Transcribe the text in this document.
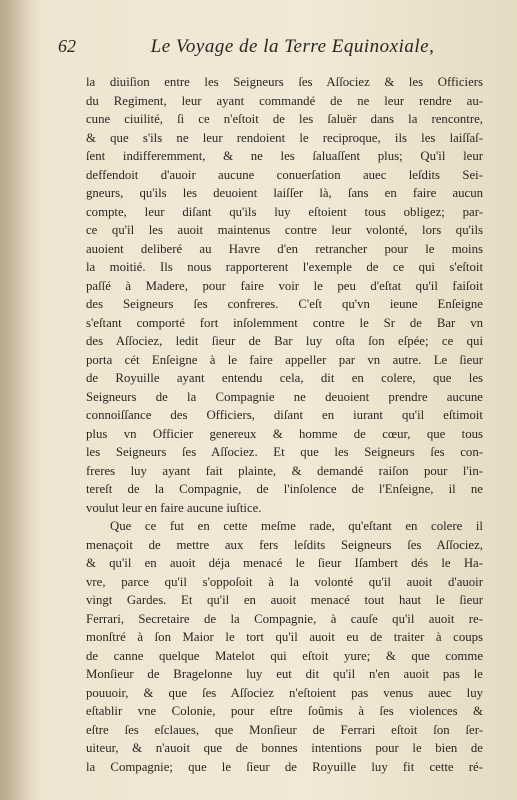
62	Le Voyage de la Terre Equinoxiale,
la diuiſion entre les Seigneurs ſes Aſſociez & les Officiers
du Regiment, leur ayant commandé de ne leur rendre au-
cune ciuilité, ſi ce n'eſtoit de les ſaluër dans la rencontre,
& que s'ils ne leur rendoient le reciproque, ils les laiſſaſ-
ſent indifferemment, & ne les ſaluaſſent plus; Qu'il leur
deffendoit d'auoir aucune conuerſation auec leſdits Sei-
gneurs, qu'ils les deuoient laiſſer là, ſans en faire aucun
compte, leur diſant qu'ils luy eſtoient tous obligez; par-
ce qu'il les auoit maintenus contre leur volonté, lors qu'ils
auoient deliberé au Havre d'en retrancher pour le moins
la moitié. Ils nous rapporterent l'exemple de ce qui s'eſtoit
paſſé à Madere, pour faire voir le peu d'eſtat qu'il faiſoit
des Seigneurs ſes confreres. C'eſt qu'vn ieune Enſeigne
s'eſtant comporté fort inſolemment contre le Sr de Bar vn
des Aſſociez, ledit ſieur de Bar luy oſta ſon eſpée; ce qui
porta cét Enſeigne à le faire appeller par vn autre. Le ſieur
de Royuille ayant entendu cela, dit en colere, que les
Seigneurs de la Compagnie ne deuoient prendre aucune
connoiſſance des Officiers, diſant en iurant qu'il eſtimoit
plus vn Officier genereux & homme de cœur, que tous
les Seigneurs ſes Aſſociez. Et que les Seigneurs ſes con-
freres luy ayant fait plainte, & demandé raiſon pour l'in-
tereſt de la Compagnie, de l'inſolence de l'Enſeigne, il ne
voulut leur en faire aucune iuſtice.
Que ce fut en cette meſme rade, qu'eſtant en colere il
menaçoit de mettre aux fers leſdits Seigneurs ſes Aſſociez,
& qu'il en auoit déja menacé le ſieur Iſambert dés le Ha-
vre, parce qu'il s'oppoſoit à la volonté qu'il auoit d'auoir
vingt Gardes. Et qu'il en auoit menacé tout haut le ſieur
Ferrari, Secretaire de la Compagnie, à cauſe qu'il auoit re-
monſtré à ſon Maior le tort qu'il auoit eu de traiter à coups
de canne quelque Matelot qui eſtoit yure; & que comme
Monſieur de Bragelonne luy eut dit qu'il n'en auoit pas le
pouuoir, & que ſes Aſſociez n'eſtoient pas venus auec luy
eſtablir vne Colonie, pour eſtre ſoûmis à ſes violences &
eſtre ſes eſclaues, que Monſieur de Ferrari eſtoit ſon ſer-
uiteur, & n'auoit que de bonnes intentions pour le bien de
la Compagnie; que le ſieur de Royuille luy fit cette ré-
